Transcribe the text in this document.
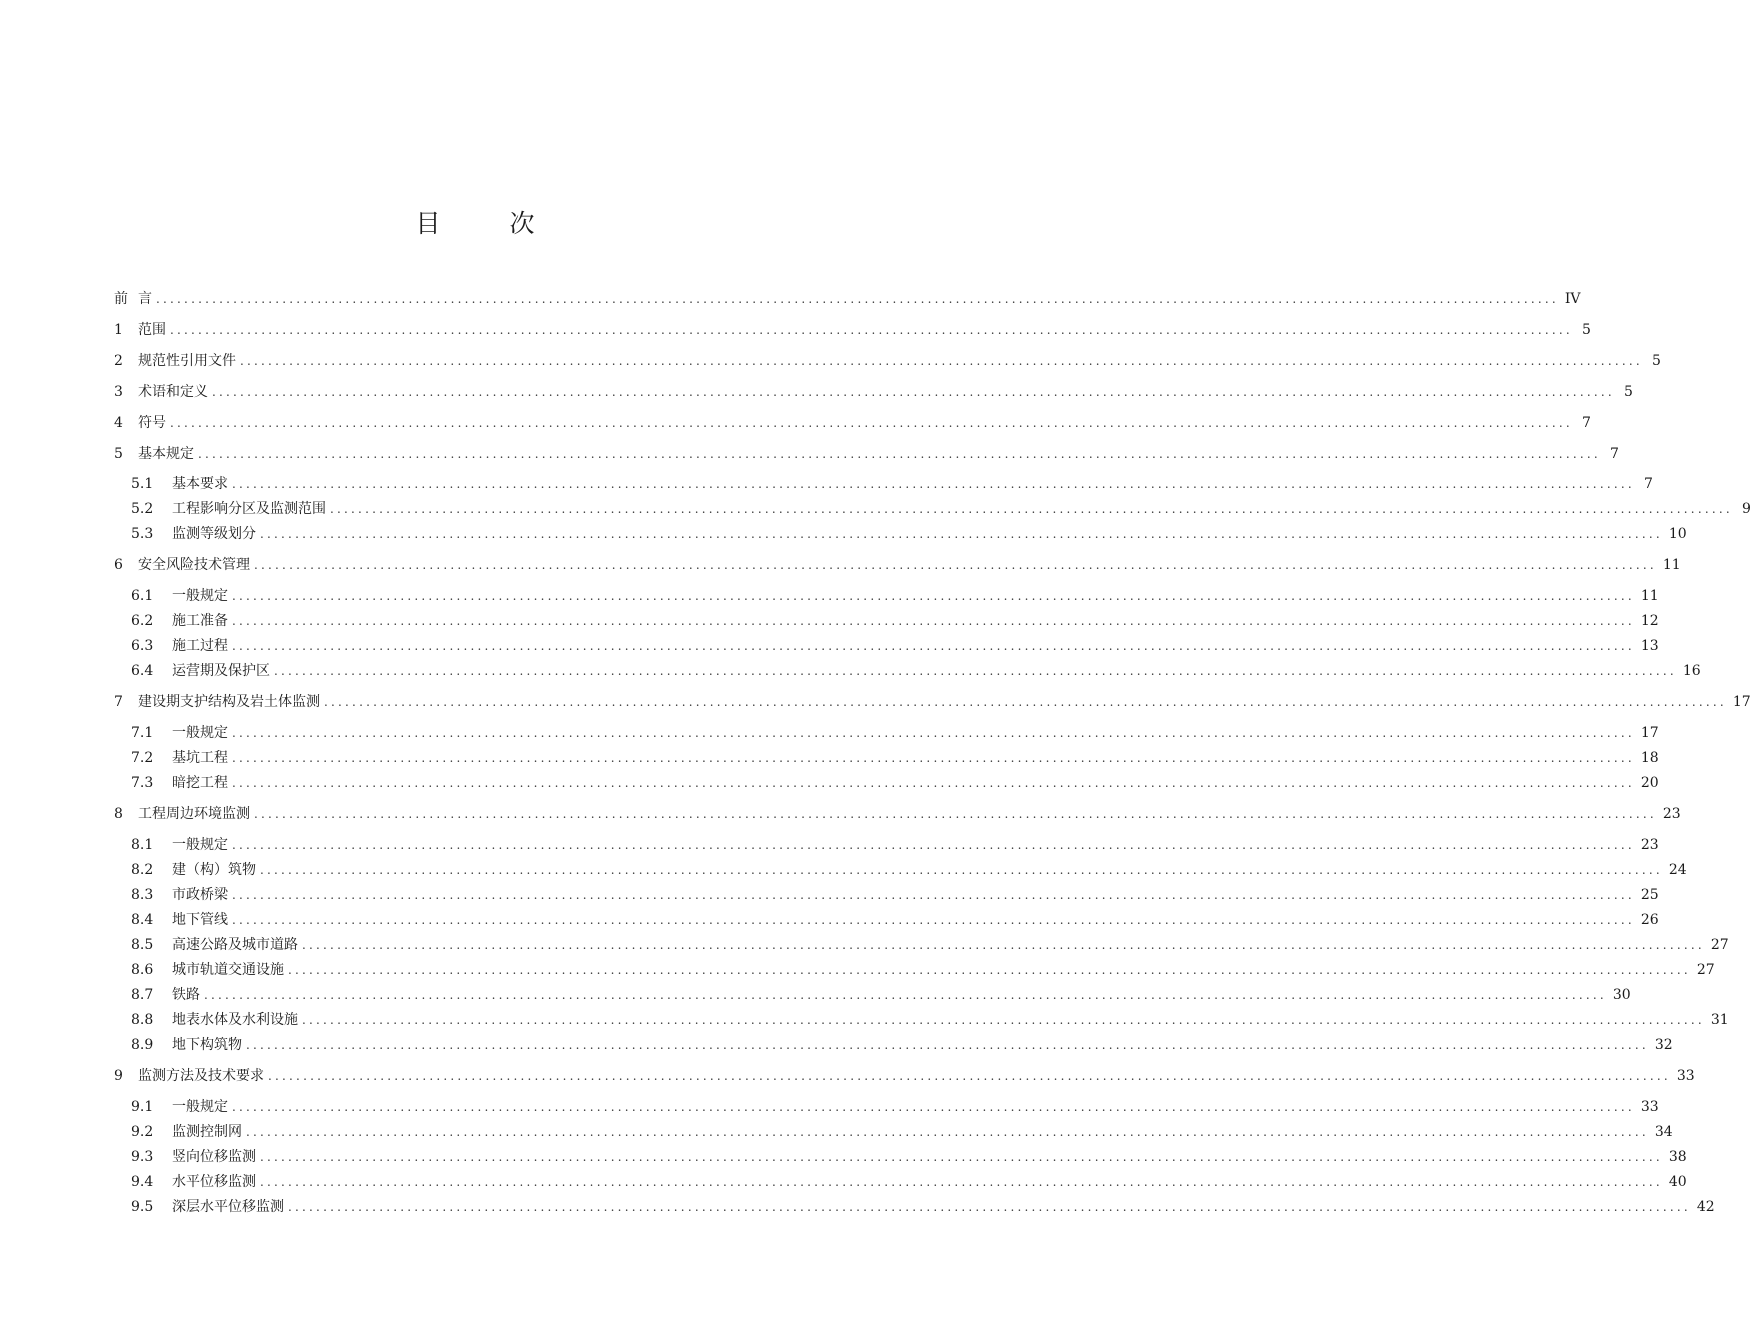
目　次
前 言 ........................................................................................................................................................................................................ IV
1	范围 ........................................................................................................................................................................................................ 5
2	规范性引用文件 ........................................................................................................................................................................................................ 5
3	术语和定义 ........................................................................................................................................................................................................ 5
4	符号 ........................................................................................................................................................................................................ 7
5	基本规定 ........................................................................................................................................................................................................ 7
5.1	基本要求 ........................................................................................................................................................................................................ 7
5.2	工程影响分区及监测范围 ........................................................................................................................................................................................................ 9
5.3	监测等级划分 ........................................................................................................................................................................................................ 10
6	安全风险技术管理 ........................................................................................................................................................................................................ 11
6.1	一般规定 ........................................................................................................................................................................................................ 11
6.2	施工准备 ........................................................................................................................................................................................................ 12
6.3	施工过程 ........................................................................................................................................................................................................ 13
6.4	运营期及保护区 ........................................................................................................................................................................................................ 16
7	建设期支护结构及岩土体监测 ........................................................................................................................................................................................................ 17
7.1	一般规定 ........................................................................................................................................................................................................ 17
7.2	基坑工程 ........................................................................................................................................................................................................ 18
7.3	暗挖工程 ........................................................................................................................................................................................................ 20
8	工程周边环境监测 ........................................................................................................................................................................................................ 23
8.1	一般规定 ........................................................................................................................................................................................................ 23
8.2	建（构）筑物 ........................................................................................................................................................................................................ 24
8.3	市政桥梁 ........................................................................................................................................................................................................ 25
8.4	地下管线 ........................................................................................................................................................................................................ 26
8.5	高速公路及城市道路 ........................................................................................................................................................................................................ 27
8.6	城市轨道交通设施 ........................................................................................................................................................................................................ 27
8.7	铁路 ........................................................................................................................................................................................................ 30
8.8	地表水体及水利设施 ........................................................................................................................................................................................................ 31
8.9	地下构筑物 ........................................................................................................................................................................................................ 32
9	监测方法及技术要求 ........................................................................................................................................................................................................ 33
9.1	一般规定 ........................................................................................................................................................................................................ 33
9.2	监测控制网 ........................................................................................................................................................................................................ 34
9.3	竖向位移监测 ........................................................................................................................................................................................................ 38
9.4	水平位移监测 ........................................................................................................................................................................................................ 40
9.5	深层水平位移监测 ........................................................................................................................................................................................................ 42
